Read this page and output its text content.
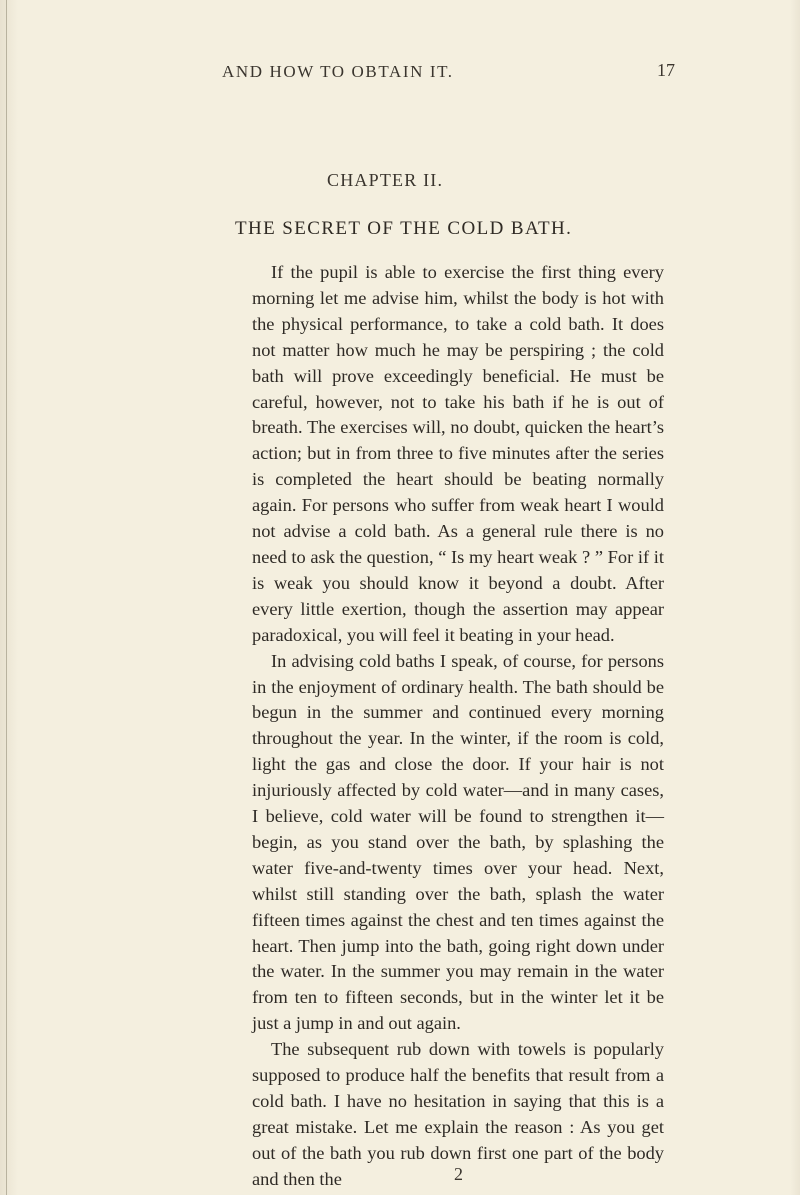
AND HOW TO OBTAIN IT.	17
CHAPTER II.
THE SECRET OF THE COLD BATH.

If the pupil is able to exercise the first thing every morning let me advise him, whilst the body is hot with the physical performance, to take a cold bath. It does not matter how much he may be perspiring ; the cold bath will prove exceedingly beneficial. He must be careful, however, not to take his bath if he is out of breath. The exercises will, no doubt, quicken the heart’s action; but in from three to five minutes after the series is completed the heart should be beating normally again. For persons who suffer from weak heart I would not advise a cold bath. As a general rule there is no need to ask the question, “ Is my heart weak ? ” For if it is weak you should know it beyond a doubt. After every little exertion, though the assertion may appear paradoxical, you will feel it beating in your head.

In advising cold baths I speak, of course, for persons in the enjoyment of ordinary health. The bath should be begun in the summer and continued every morning throughout the year. In the winter, if the room is cold, light the gas and close the door. If your hair is not injuriously affected by cold water—and in many cases, I believe, cold water will be found to strengthen it—begin, as you stand over the bath, by splashing the water five-and-twenty times over your head. Next, whilst still standing over the bath, splash the water fifteen times against the chest and ten times against the heart. Then jump into the bath, going right down under the water. In the summer you may remain in the water from ten to fifteen seconds, but in the winter let it be just a jump in and out again.

The subsequent rub down with towels is popularly supposed to produce half the benefits that result from a cold bath. I have no hesitation in saying that this is a great mistake. Let me explain the reason : As you get out of the bath you rub down first one part of the body and then the	2
